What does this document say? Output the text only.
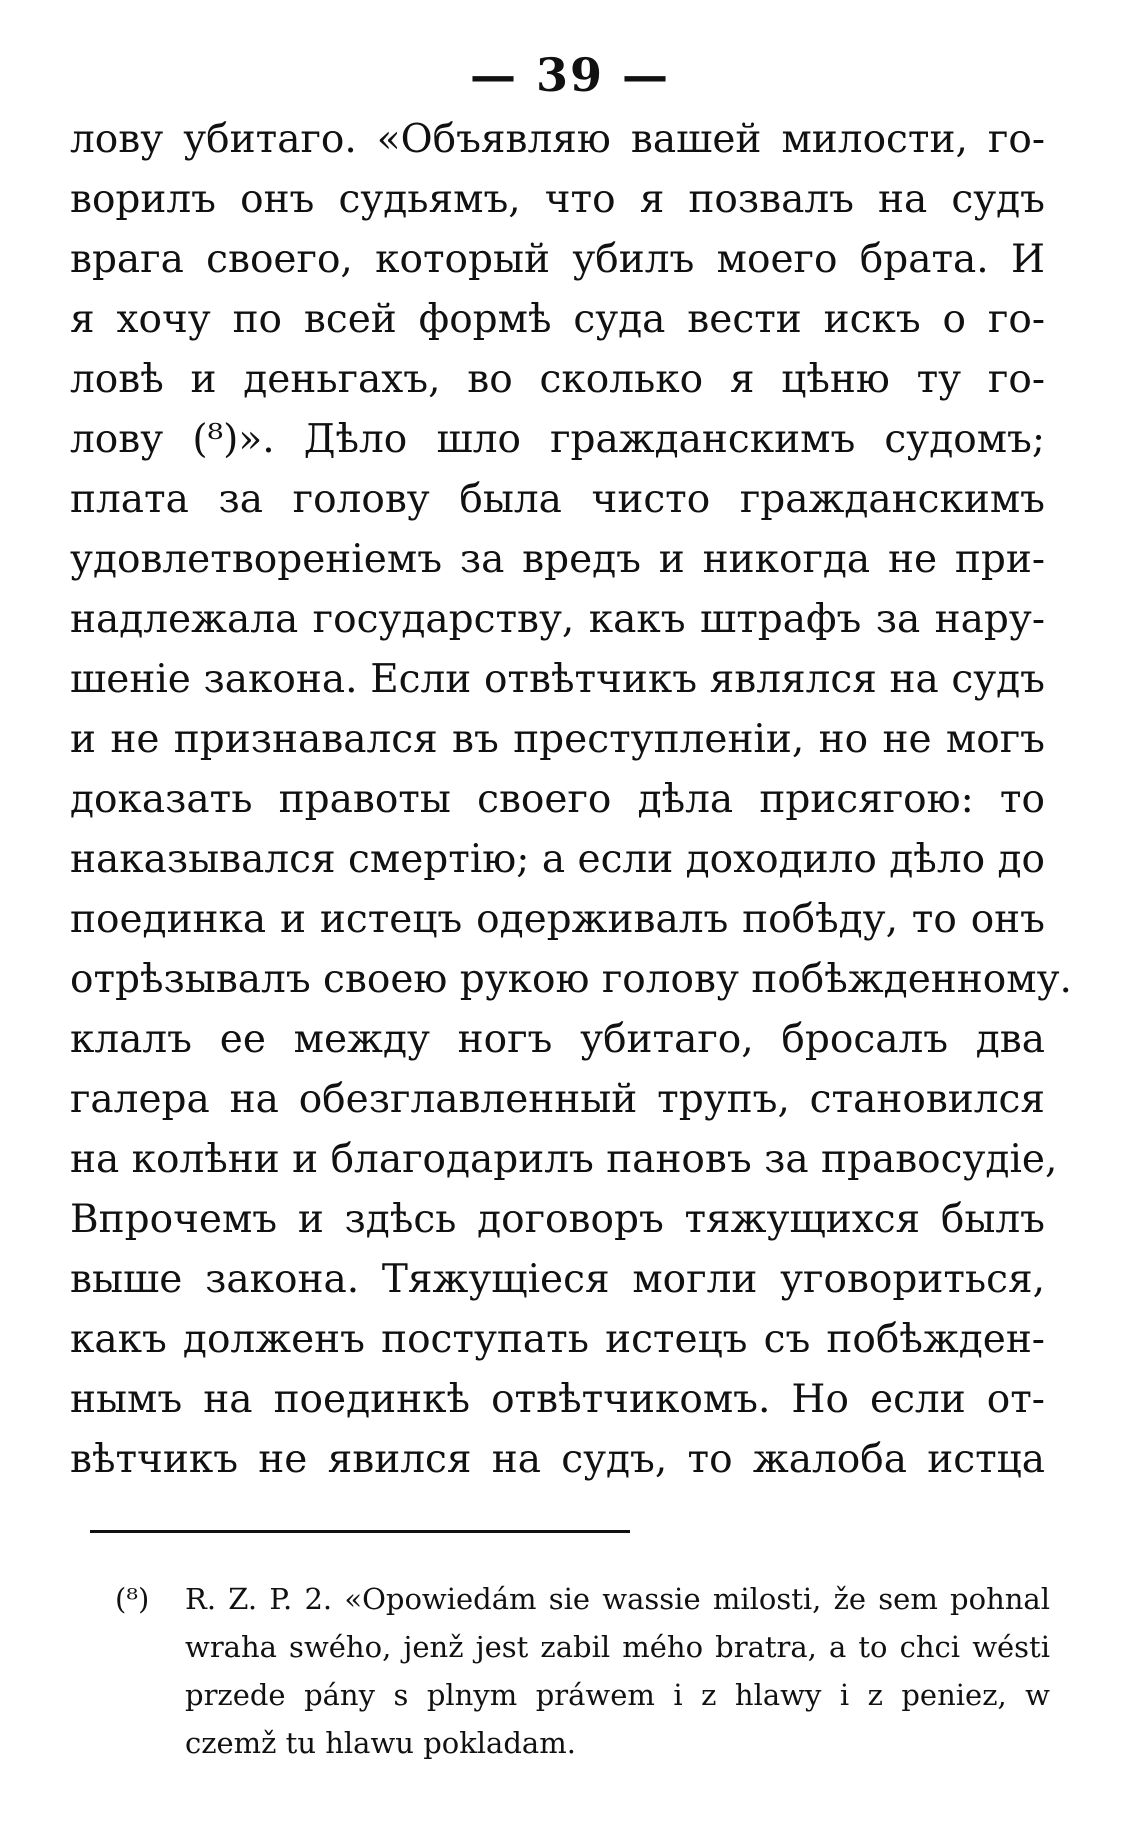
— 39 —
лову убитаго. «Объявляю вашей милости, го-
ворилъ онъ судьямъ, что я позвалъ на судъ
врага своего, который убилъ моего брата. И
я хочу по всей формѣ суда вести искъ о го-
ловѣ и деньгахъ, во сколько я цѣню ту го-
лову (⁸)». Дѣло шло гражданскимъ судомъ;
плата за голову была чисто гражданскимъ
удовлетвореніемъ за вредъ и никогда не при-
надлежала государству, какъ штрафъ за нару-
шеніе закона. Если отвѣтчикъ являлся на судъ
и не признавался въ преступленіи, но не могъ
доказать правоты своего дѣла присягою: то
наказывался смертію; а если доходило дѣло до
поединка и истецъ одерживалъ побѣду, то онъ
отрѣзывалъ своею рукою голову побѣжденному.
клалъ ее между ногъ убитаго, бросалъ два
галера на обезглавленный трупъ, становился
на колѣни и благодарилъ пановъ за правосудіе,
Впрочемъ и здѣсь договоръ тяжущихся былъ
выше закона. Тяжущіеся могли уговориться,
какъ долженъ поступать истецъ съ побѣжден-
нымъ на поединкѣ отвѣтчикомъ. Но если от-
вѣтчикъ не явился на судъ, то жалоба истца
(⁸) R. Z. P. 2. «Opowiedám sie wassie milosti, že sem pohnal
wraha swého, jenž jest zabil mého bratra, a to chci wésti
przede pány s plnym práwem i z hlawy i z peniez, w
czemž tu hlawu pokladam.
